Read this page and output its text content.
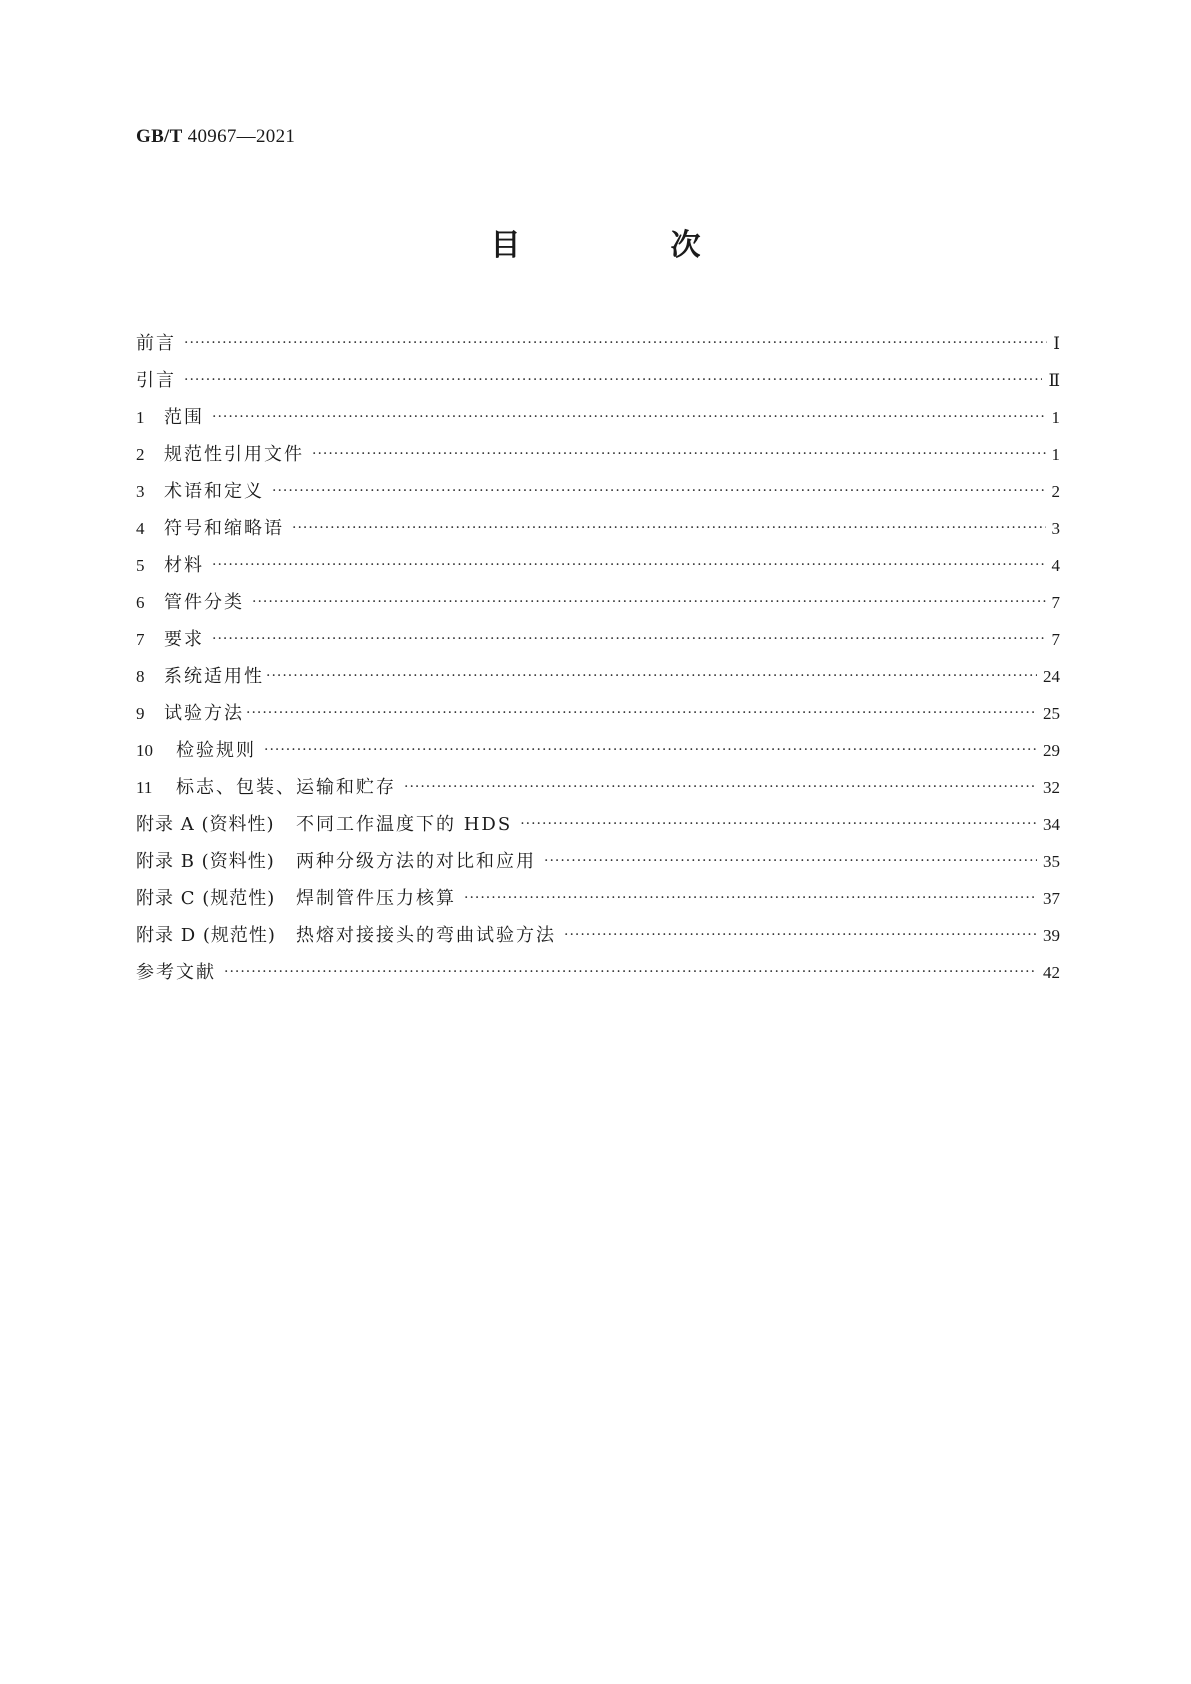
GB/T 40967—2021
目　次
前言 ·····	Ⅰ
引言 ·····	Ⅱ
1	范围 ·····	1
2	规范性引用文件 ·····	1
3	术语和定义 ·····	2
4	符号和缩略语 ·····	3
5	材料 ·····	4
6	管件分类 ·····	7
7	要求 ·····	7
8	系统适用性 ·····	24
9	试验方法 ·····	25
10	检验规则 ·····	29
11	标志、包装、运输和贮存 ·····	32
附录 A (资料性)	不同工作温度下的 HDS ·····	34
附录 B (资料性)	两种分级方法的对比和应用 ·····	35
附录 C (规范性)	焊制管件压力核算 ·····	37
附录 D (规范性)	热熔对接接头的弯曲试验方法 ·····	39
参考文献 ·····	42
